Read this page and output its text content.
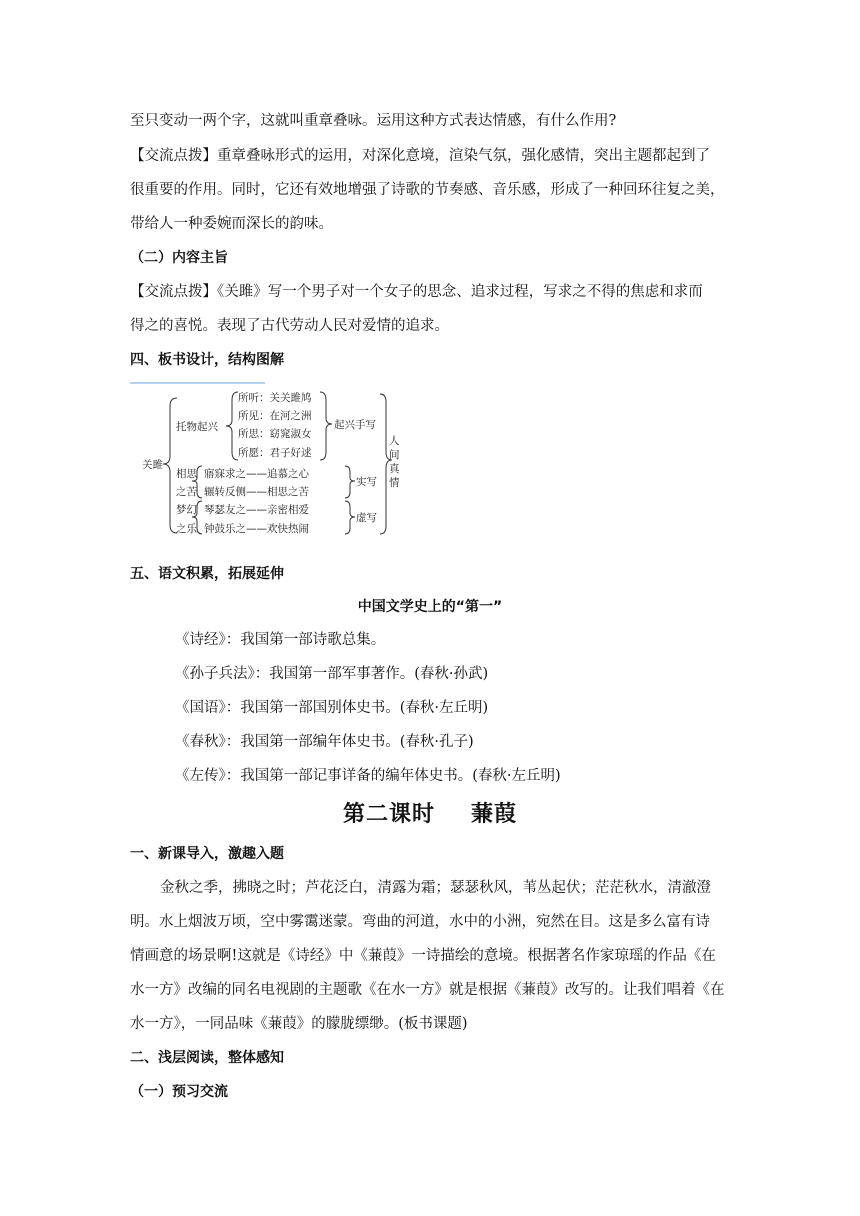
至只变动一两个字，这就叫重章叠咏。运用这种方式表达情感，有什么作用?
【交流点拨】重章叠咏形式的运用，对深化意境，渲染气氛，强化感情，突出主题都起到了
很重要的作用。同时，它还有效地增强了诗歌的节奏感、音乐感，形成了一种回环往复之美，
带给人一种委婉而深长的韵味。
（二）内容主旨
【交流点拨】《关雎》写一个男子对一个女子的思念、追求过程，写求之不得的焦虑和求而
得之的喜悦。表现了古代劳动人民对爱情的追求。
四、板书设计，结构图解
关雎
托物起兴
所听：关关雎鸠
所见：在河之洲
所思：窈窕淑女
所愿：君子好逑
起兴手写
相思
之苦
寤寐求之——追慕之心
辗转反侧——相思之苦
实写
梦幻
之乐
琴瑟友之——亲密相爱
钟鼓乐之——欢快热闹
虚写
人
间
真
情
五、语文积累，拓展延伸
中国文学史上的“第一”
《诗经》：我国第一部诗歌总集。
《孙子兵法》：我国第一部军事著作。(春秋·孙武)
《国语》：我国第一部国别体史书。(春秋·左丘明)
《春秋》：我国第一部编年体史书。(春秋·孔子)
《左传》：我国第一部记事详备的编年体史书。(春秋·左丘明)
第二课时 蒹葭
一、新课导入，激趣入题
金秋之季，拂晓之时；芦花泛白，清露为霜；瑟瑟秋风，苇丛起伏；茫茫秋水，清澈澄
明。水上烟波万顷，空中雾霭迷蒙。弯曲的河道，水中的小洲，宛然在目。这是多么富有诗
情画意的场景啊!这就是《诗经》中《蒹葭》一诗描绘的意境。根据著名作家琼瑶的作品《在
水一方》改编的同名电视剧的主题歌《在水一方》就是根据《蒹葭》改写的。让我们唱着《在
水一方》，一同品味《蒹葭》的朦胧缥缈。(板书课题)
二、浅层阅读，整体感知
（一）预习交流
